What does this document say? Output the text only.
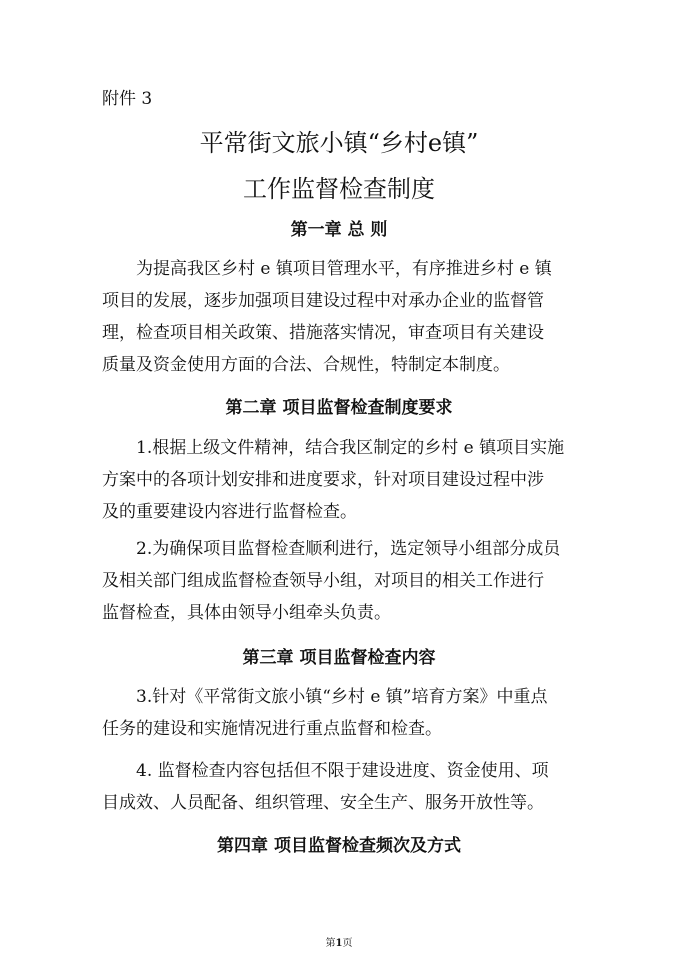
附件 3
平常街文旅小镇“乡村e镇”
工作监督检查制度
第一章 总 则
为提高我区乡村 e 镇项目管理水平，有序推进乡村 e 镇
项目的发展，逐步加强项目建设过程中对承办企业的监督管
理，检查项目相关政策、措施落实情况，审查项目有关建设
质量及资金使用方面的合法、合规性，特制定本制度。
第二章 项目监督检查制度要求
1.根据上级文件精神，结合我区制定的乡村 e 镇项目实施
方案中的各项计划安排和进度要求，针对项目建设过程中涉
及的重要建设内容进行监督检查。
2.为确保项目监督检查顺利进行，选定领导小组部分成员
及相关部门组成监督检查领导小组，对项目的相关工作进行
监督检查，具体由领导小组牵头负责。
第三章 项目监督检查内容
3.针对《平常街文旅小镇“乡村 e 镇”培育方案》中重点
任务的建设和实施情况进行重点监督和检查。
4. 监督检查内容包括但不限于建设进度、资金使用、项
目成效、人员配备、组织管理、安全生产、服务开放性等。
第四章 项目监督检查频次及方式
第1页
